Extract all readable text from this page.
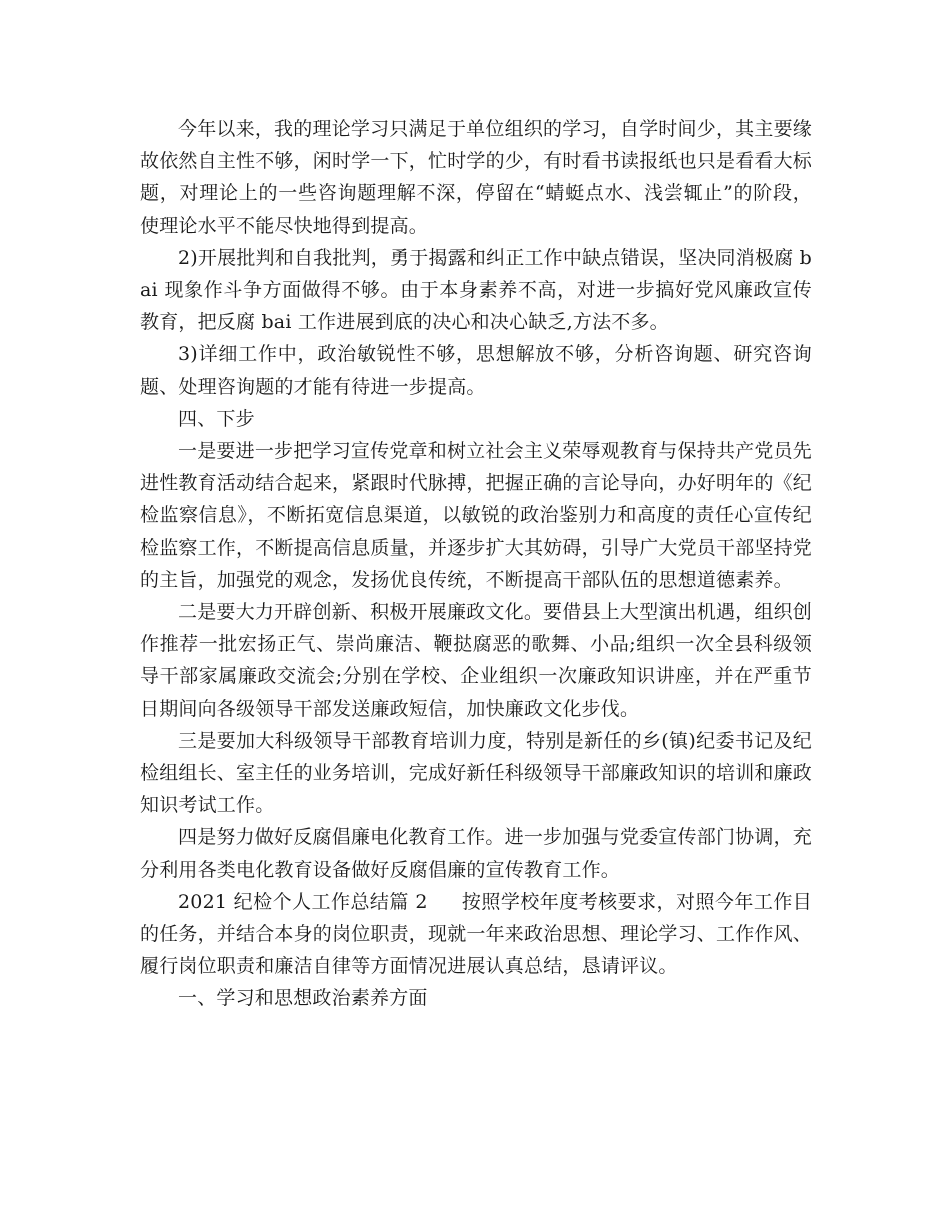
今年以来，我的理论学习只满足于单位组织的学习，自学时间少，其主要缘故依然自主性不够，闲时学一下，忙时学的少，有时看书读报纸也只是看看大标题，对理论上的一些咨询题理解不深，停留在“蜻蜓点水、浅尝辄止”的阶段，使理论水平不能尽快地得到提高。

2)开展批判和自我批判，勇于揭露和纠正工作中缺点错误，坚决同消极腐 bai 现象作斗争方面做得不够。由于本身素养不高，对进一步搞好党风廉政宣传教育，把反腐 bai 工作进展到底的决心和决心缺乏,方法不多。

3)详细工作中，政治敏锐性不够，思想解放不够，分析咨询题、研究咨询题、处理咨询题的才能有待进一步提高。

四、下步

一是要进一步把学习宣传党章和树立社会主义荣辱观教育与保持共产党员先进性教育活动结合起来，紧跟时代脉搏，把握正确的言论导向，办好明年的《纪检监察信息》，不断拓宽信息渠道，以敏锐的政治鉴别力和高度的责任心宣传纪检监察工作，不断提高信息质量，并逐步扩大其妨碍，引导广大党员干部坚持党的主旨，加强党的观念，发扬优良传统，不断提高干部队伍的思想道德素养。

二是要大力开辟创新、积极开展廉政文化。要借县上大型演出机遇，组织创作推荐一批宏扬正气、崇尚廉洁、鞭挞腐恶的歌舞、小品;组织一次全县科级领导干部家属廉政交流会;分别在学校、企业组织一次廉政知识讲座，并在严重节日期间向各级领导干部发送廉政短信，加快廉政文化步伐。

三是要加大科级领导干部教育培训力度，特别是新任的乡(镇)纪委书记及纪检组组长、室主任的业务培训，完成好新任科级领导干部廉政知识的培训和廉政知识考试工作。

四是努力做好反腐倡廉电化教育工作。进一步加强与党委宣传部门协调，充分利用各类电化教育设备做好反腐倡廉的宣传教育工作。

2021 纪检个人工作总结篇 2 按照学校年度考核要求，对照今年工作目的任务，并结合本身的岗位职责，现就一年来政治思想、理论学习、工作作风、履行岗位职责和廉洁自律等方面情况进展认真总结，恳请评议。

一、学习和思想政治素养方面
